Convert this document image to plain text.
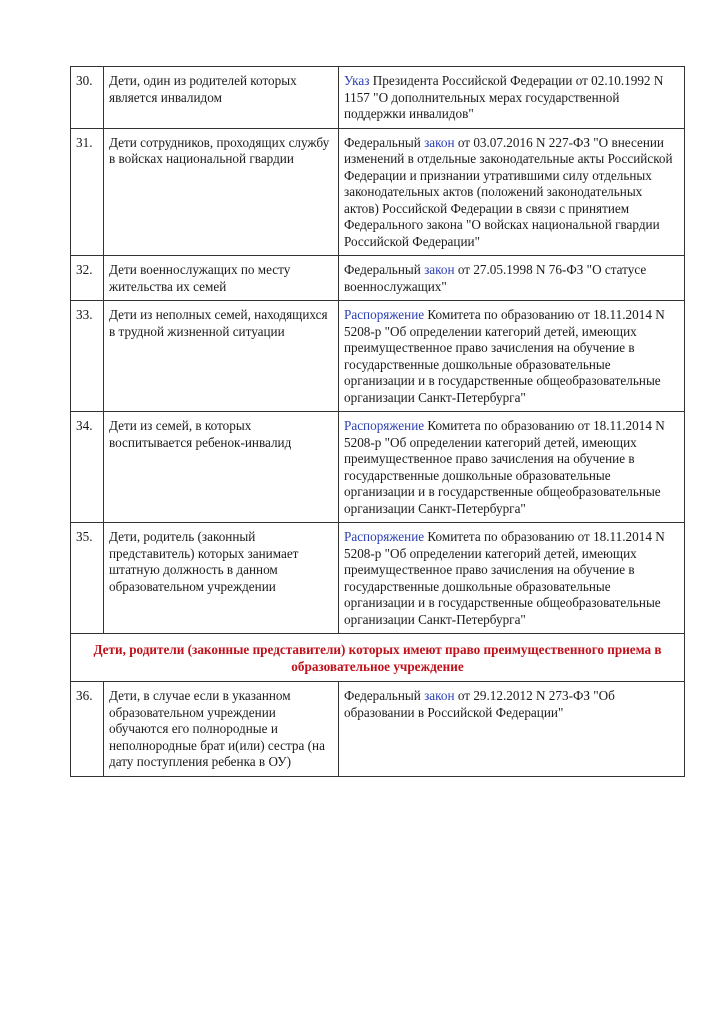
30.	Дети, один из родителей которых является инвалидом	Указ Президента Российской Федерации от 02.10.1992 N 1157 "О дополнительных мерах государственной поддержки инвалидов"
31.	Дети сотрудников, проходящих службу в войсках национальной гвардии	Федеральный закон от 03.07.2016 N 227-ФЗ "О внесении изменений в отдельные законодательные акты Российской Федерации и признании утратившими силу отдельных законодательных актов (положений законодательных актов) Российской Федерации в связи с принятием Федерального закона "О войсках национальной гвардии Российской Федерации"
32.	Дети военнослужащих по месту жительства их семей	Федеральный закон от 27.05.1998 N 76-ФЗ "О статусе военнослужащих"
33.	Дети из неполных семей, находящихся в трудной жизненной ситуации	Распоряжение Комитета по образованию от 18.11.2014 N 5208-р "Об определении категорий детей, имеющих преимущественное право зачисления на обучение в государственные дошкольные образовательные организации и в государственные общеобразовательные организации Санкт-Петербурга"
34.	Дети из семей, в которых воспитывается ребенок-инвалид	Распоряжение Комитета по образованию от 18.11.2014 N 5208-р "Об определении категорий детей, имеющих преимущественное право зачисления на обучение в государственные дошкольные образовательные организации и в государственные общеобразовательные организации Санкт-Петербурга"
35.	Дети, родитель (законный представитель) которых занимает штатную должность в данном образовательном учреждении	Распоряжение Комитета по образованию от 18.11.2014 N 5208-р "Об определении категорий детей, имеющих преимущественное право зачисления на обучение в государственные дошкольные образовательные организации и в государственные общеобразовательные организации Санкт-Петербурга"
Дети, родители (законные представители) которых имеют право преимущественного приема в образовательное учреждение		
36.	Дети, в случае если в указанном образовательном учреждении обучаются его полнородные и неполнородные брат и(или) сестра (на дату поступления ребенка в ОУ)	Федеральный закон от 29.12.2012 N 273-ФЗ "Об образовании в Российской Федерации"
